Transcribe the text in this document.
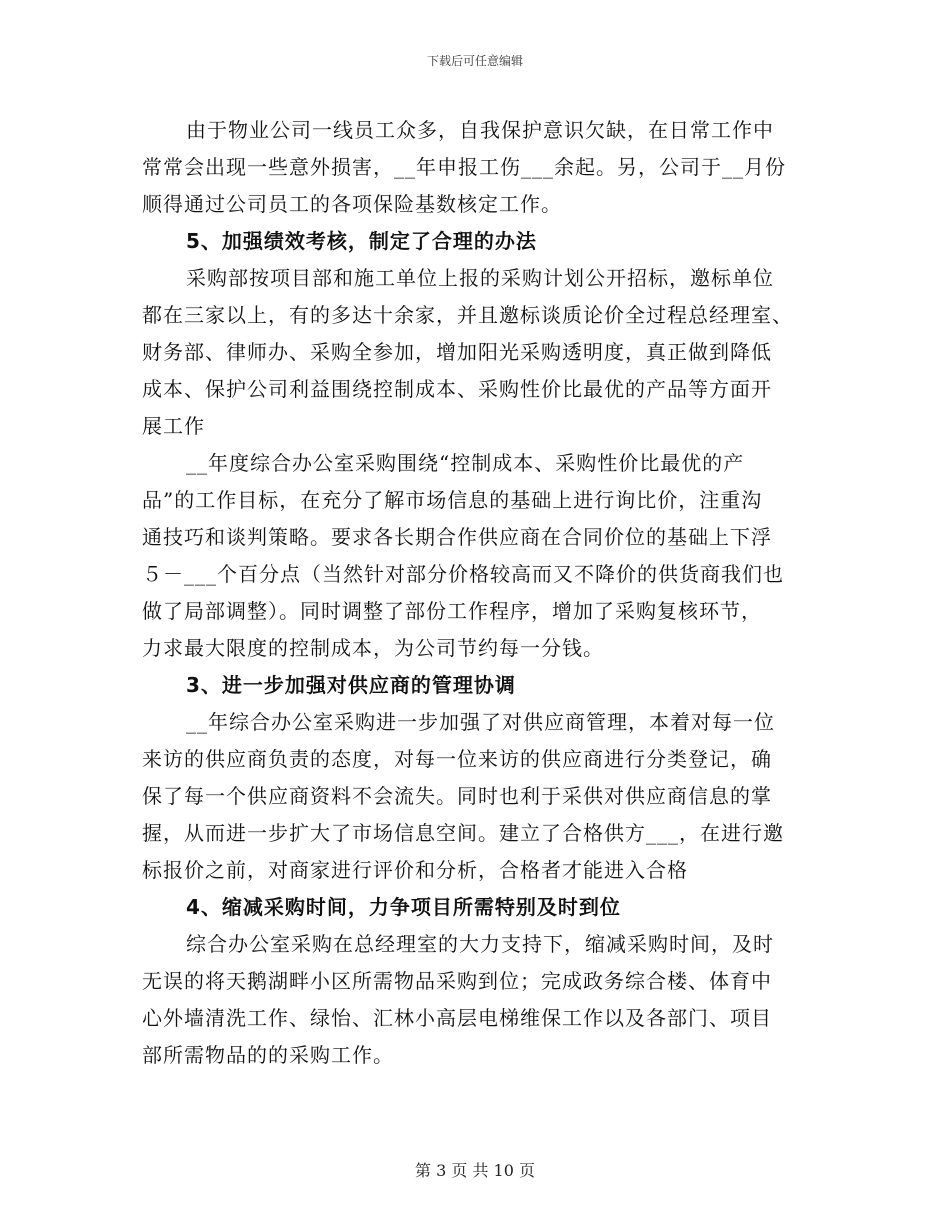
下载后可任意编辑
由于物业公司一线员工众多，自我保护意识欠缺，在日常工作中
常常会出现一些意外损害，__年申报工伤___余起。另，公司于__月份
顺得通过公司员工的各项保险基数核定工作。
5、加强绩效考核，制定了合理的办法
采购部按项目部和施工单位上报的采购计划公开招标，邀标单位
都在三家以上，有的多达十余家，并且邀标谈质论价全过程总经理室、
财务部、律师办、采购全参加，增加阳光采购透明度，真正做到降低
成本、保护公司利益围绕控制成本、采购性价比最优的产品等方面开
展工作
__年度综合办公室采购围绕“控制成本、采购性价比最优的产
品”的工作目标，在充分了解市场信息的基础上进行询比价，注重沟
通技巧和谈判策略。要求各长期合作供应商在合同价位的基础上下浮
５－___个百分点（当然针对部分价格较高而又不降价的供货商我们也
做了局部调整）。同时调整了部份工作程序，增加了采购复核环节，
力求最大限度的控制成本，为公司节约每一分钱。
3、进一步加强对供应商的管理协调
__年综合办公室采购进一步加强了对供应商管理，本着对每一位
来访的供应商负责的态度，对每一位来访的供应商进行分类登记，确
保了每一个供应商资料不会流失。同时也利于采供对供应商信息的掌
握，从而进一步扩大了市场信息空间。建立了合格供方___，在进行邀
标报价之前，对商家进行评价和分析，合格者才能进入合格
4、缩减采购时间，力争项目所需特别及时到位
综合办公室采购在总经理室的大力支持下，缩减采购时间，及时
无误的将天鹅湖畔小区所需物品采购到位；完成政务综合楼、体育中
心外墙清洗工作、绿怡、汇林小高层电梯维保工作以及各部门、项目
部所需物品的的采购工作。
第 3 页 共 10 页
